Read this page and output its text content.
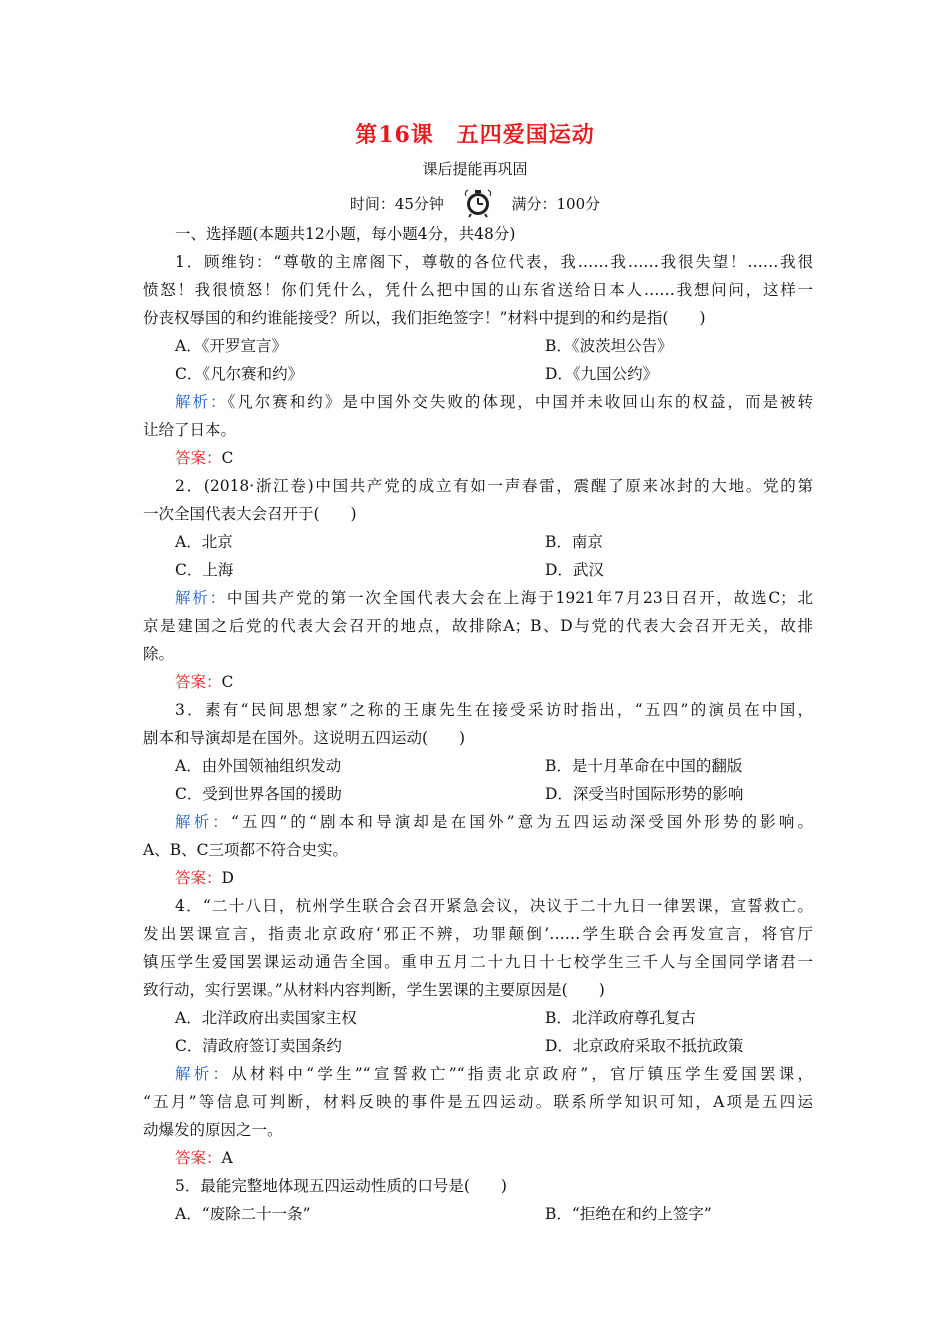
第16课　五四爱国运动
课后提能再巩固
时间：45分钟	满分：100分
一、选择题(本题共12小题，每小题4分，共48分)
1．顾维钧：“尊敬的主席阁下，尊敬的各位代表，我……我……我很失望！……我很
愤怒！我很愤怒！你们凭什么，凭什么把中国的山东省送给日本人……我想问问，这样一
份丧权辱国的和约谁能接受？所以，我们拒绝签字！”材料中提到的和约是指(　　)
A．《开罗宣言》	B．《波茨坦公告》
C．《凡尔赛和约》	D．《九国公约》
解析：《凡尔赛和约》是中国外交失败的体现，中国并未收回山东的权益，而是被转
让给了日本。
答案：C
2．(2018·浙江卷)中国共产党的成立有如一声春雷，震醒了原来冰封的大地。党的第
一次全国代表大会召开于(　　)
A．北京	B．南京
C．上海	D．武汉
解析：中国共产党的第一次全国代表大会在上海于1921年7月23日召开，故选C；北
京是建国之后党的代表大会召开的地点，故排除A；B、D与党的代表大会召开无关，故排
除。
答案：C
3．素有“民间思想家”之称的王康先生在接受采访时指出，“五四”的演员在中国，
剧本和导演却是在国外。这说明五四运动(　　)
A．由外国领袖组织发动	B．是十月革命在中国的翻版
C．受到世界各国的援助	D．深受当时国际形势的影响
解析：“五四”的“剧本和导演却是在国外”意为五四运动深受国外形势的影响。
A、B、C三项都不符合史实。
答案：D
4．“二十八日，杭州学生联合会召开紧急会议，决议于二十九日一律罢课，宣誓救亡。
发出罢课宣言，指责北京政府‘邪正不辨，功罪颠倒’……学生联合会再发宣言，将官厅
镇压学生爱国罢课运动通告全国。重申五月二十九日十七校学生三千人与全国同学诸君一
致行动，实行罢课。”从材料内容判断，学生罢课的主要原因是(　　)
A．北洋政府出卖国家主权	B．北洋政府尊孔复古
C．清政府签订卖国条约	D．北京政府采取不抵抗政策
解析：从材料中“学生”“宣誓救亡”“指责北京政府”，官厅镇压学生爱国罢课，
“五月”等信息可判断，材料反映的事件是五四运动。联系所学知识可知，A项是五四运
动爆发的原因之一。
答案：A
5．最能完整地体现五四运动性质的口号是(　　)
A．“废除二十一条”	B．“拒绝在和约上签字”
